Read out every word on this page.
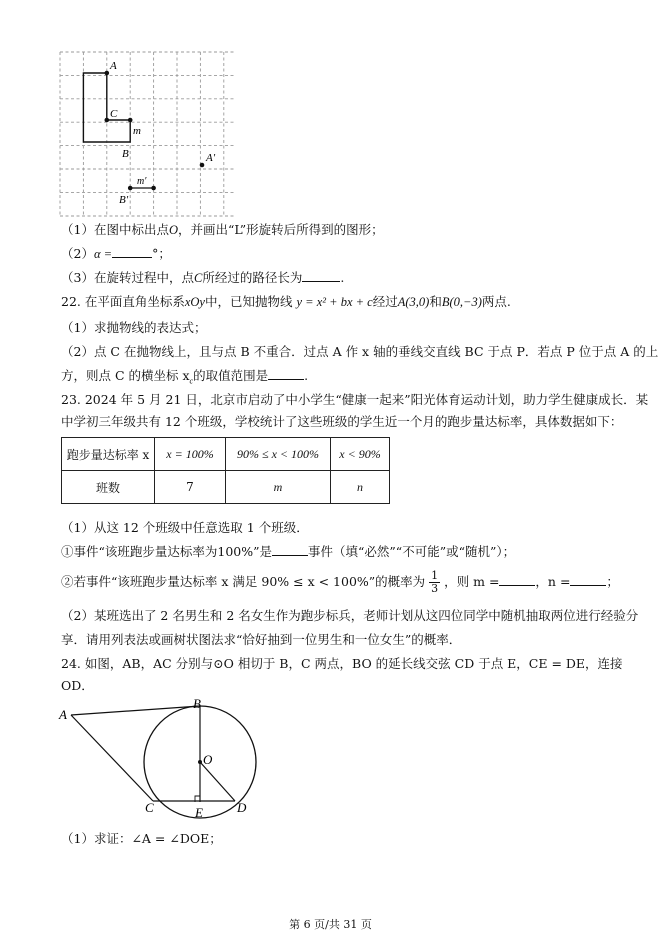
A
C
m
B	A′
m′
B′
（1）在图中标出点O，并画出“L”形旋转后所得到的图形；
（2）α =	°；
（3）在旋转过程中，点C所经过的路径长为	.
22. 在平面直角坐标系xOy中，已知抛物线 y = x² + bx + c经过A(3,0)和B(0,−3)两点.
（1）求抛物线的表达式；
（2）点 C 在抛物线上，且与点 B 不重合．过点 A 作 x 轴的垂线交直线 BC 于点 P．若点 P 位于点 A 的上
方，则点 C 的横坐标 $x_c$的取值范围是	.
23. 2024 年 5 月 21 日，北京市启动了中小学生“健康一起来”阳光体育运动计划，助力学生健康成长．某
中学初三年级共有 12 个班级，学校统计了这些班级的学生近一个月的跑步量达标率，具体数据如下：
跑步量达标率 x	x = 100%	90% ≤ x < 100%	x < 90%
班数	7	m	n
（1）从这 12 个班级中任意选取 1 个班级．
①事件“该班跑步量达标率为100%”是	事件（填“必然”“不可能”或“随机”）；
②若事件“该班跑步量达标率 x 满足 90% ≤ x < 100%”的概率为 $\frac{1}{3}$ ，则 m =	，n =	；
（2）某班选出了 2 名男生和 2 名女生作为跑步标兵，老师计划从这四位同学中随机抽取两位进行经验分
享．请用列表法或画树状图法求“恰好抽到一位男生和一位女生”的概率．
24. 如图，AB，AC 分别与⊙O 相切于 B，C 两点，BO 的延长线交弦 CD 于点 E，CE = DE，连接
OD．
A
B
O
C	E	D
（1）求证：∠A = ∠DOE；
第 6 页/共 31 页
